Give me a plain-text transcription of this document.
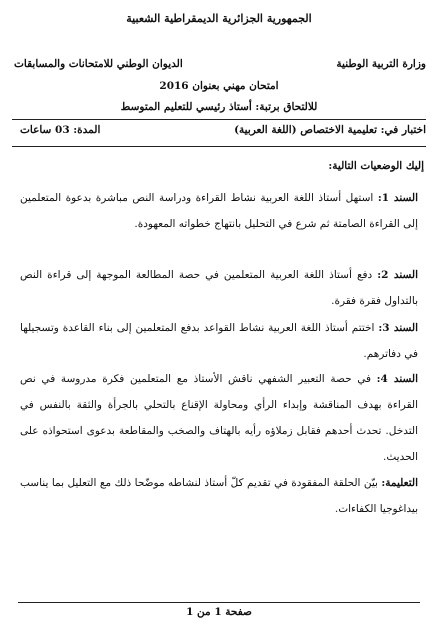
الجمهورية الجزائرية الديمقراطية الشعبية
وزارة التربية الوطنية
الديوان الوطني للامتحانات والمسابقات
امتحان مهني بعنوان 2016
للالتحاق برتبة: أستاذ رئيسي للتعليم المتوسط
اختبار في: تعليمية الاختصاص (اللغة العربية)
المدة: 03 ساعات
إليك الوضعيات التالية:
السند 1: استهل أستاذ اللغة العربية نشاط القراءة ودراسة النص مباشرة بدعوة المتعلمين إلى القراءة الصامتة ثم شرع في التحليل بانتهاج خطواته المعهودة.
السند 2: دفع أستاذ اللغة العربية المتعلمين في حصة المطالعة الموجهة إلى قراءة النص بالتداول فقرة فقرة.
السند 3: اختتم أستاذ اللغة العربية نشاط القواعد بدفع المتعلمين إلى بناء القاعدة وتسجيلها في دفاترهم.
السند 4: في حصة التعبير الشفهي ناقش الأستاذ مع المتعلمين فكرة مدروسة في نص القراءة بهدف المناقشة وإبداء الرأي ومحاولة الإقناع بالتحلي بالجرأة والثقة بالنفس في التدخل. تحدث أحدهم فقابل زملاؤه رأيه بالهتاف والصخب والمقاطعة بدعوى استحواذه على الحديث.
التعليمة: بيّن الحلقة المفقودة في تقديم كلّ أستاذ لنشاطه موضّحا ذلك مع التعليل بما يناسب بيداغوجيا الكفاءات.
صفحة 1 من 1
